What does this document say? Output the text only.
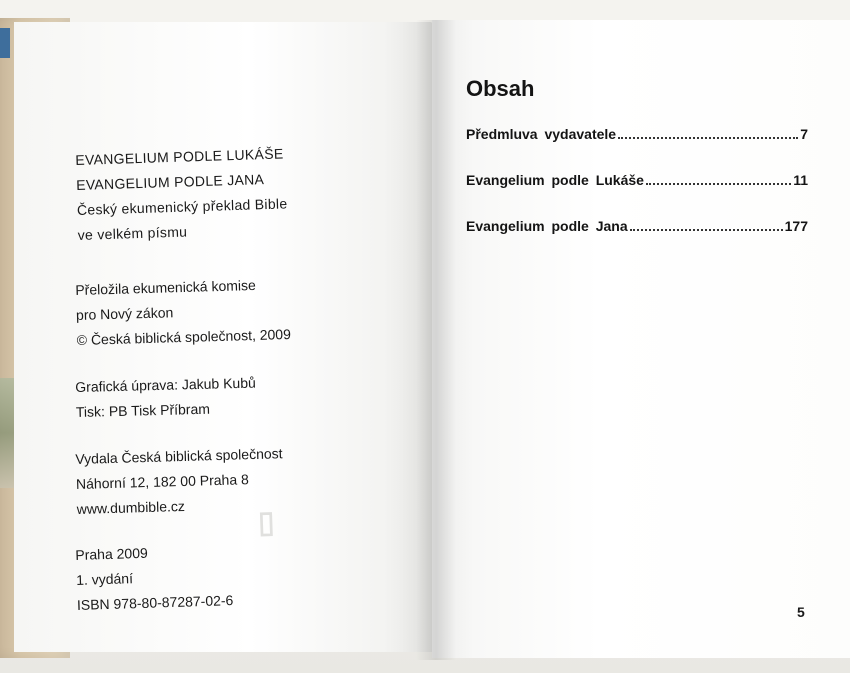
▯
EVANGELIUM PODLE LUKÁŠE
EVANGELIUM PODLE JANA
Český ekumenický překlad Bible
ve velkém písmu
Přeložila ekumenická komise
pro Nový zákon
© Česká biblická společnost, 2009
Grafická úprava: Jakub Kubů
Tisk: PB Tisk Příbram
Vydala Česká biblická společnost
Náhorní 12, 182 00 Praha 8
www.dumbible.cz
Praha 2009
1. vydání
ISBN 978-80-87287-02-6
Obsah
Předmluva vydavatele	7
Evangelium podle Lukáše	11
Evangelium podle Jana	177
5
